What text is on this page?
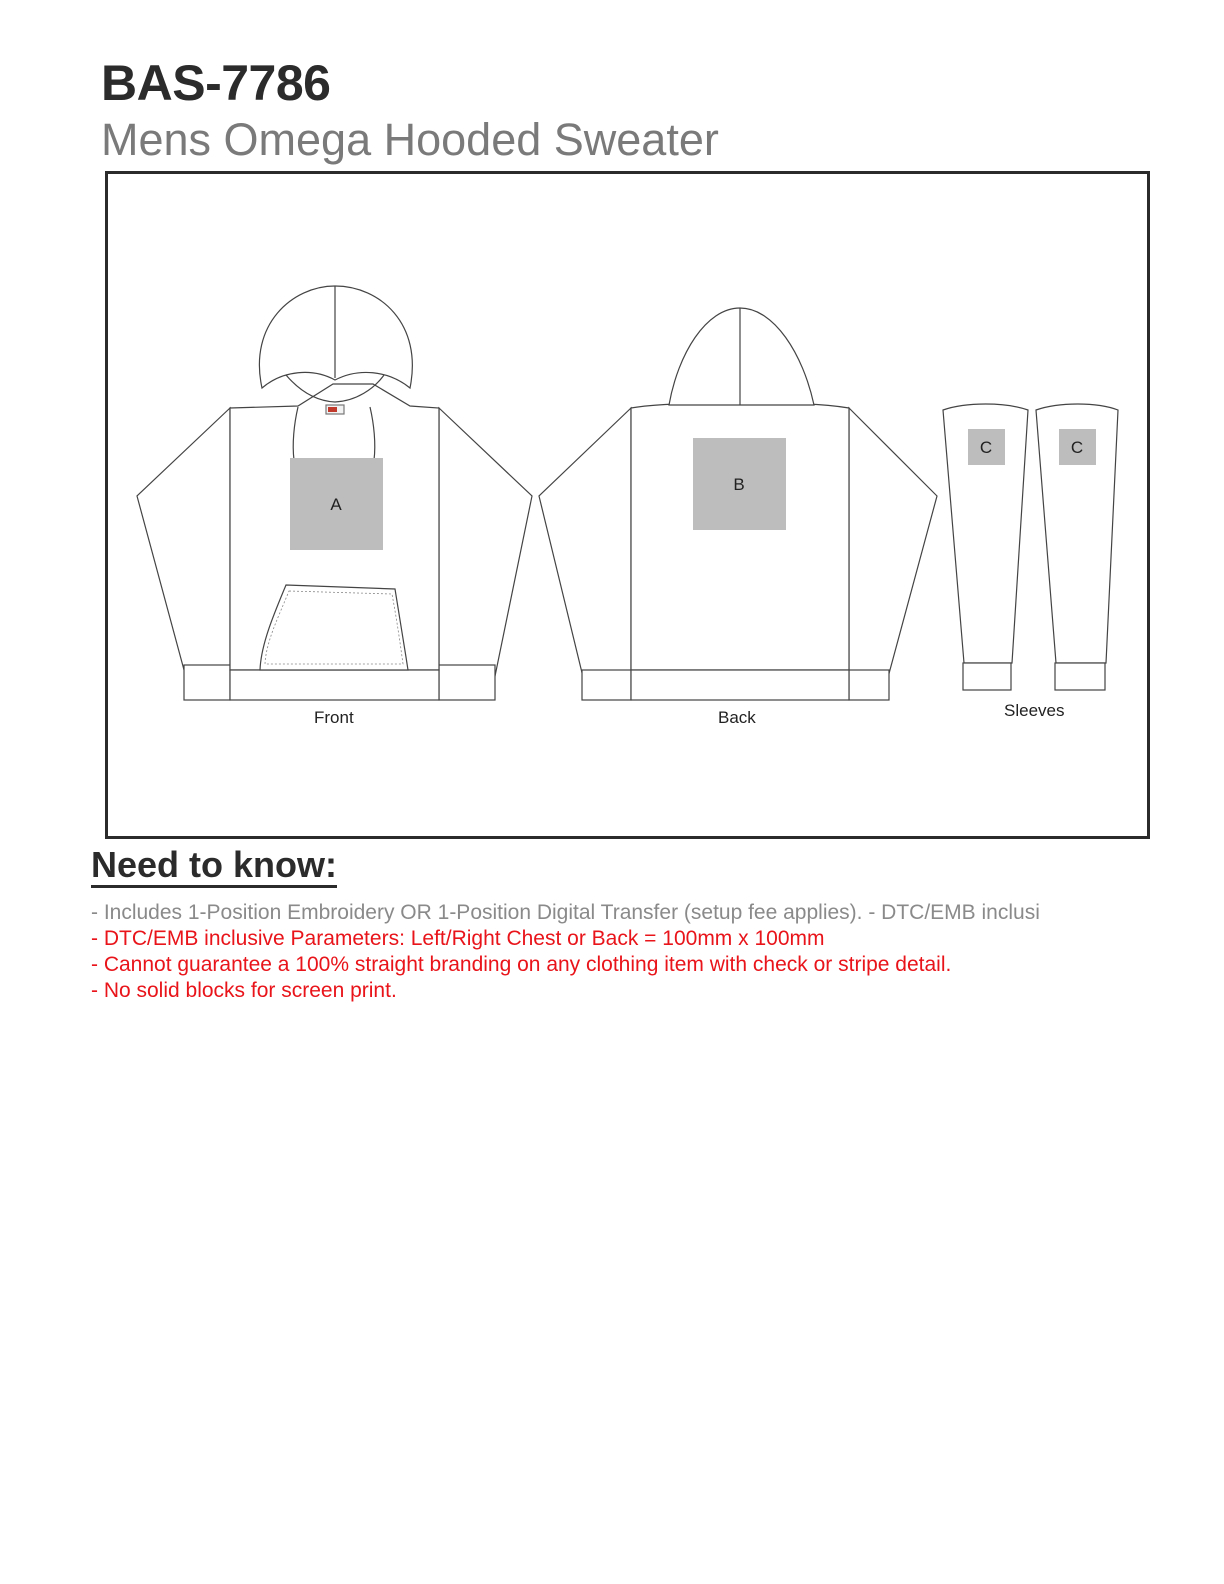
BAS-7786
Mens Omega Hooded Sweater
A
B
C	C
Front	Back	Sleeves
Need to know:
- Includes 1-Position Embroidery OR 1-Position Digital Transfer (setup fee applies). - DTC/EMB inclusi
- DTC/EMB inclusive Parameters: Left/Right Chest or Back = 100mm x 100mm
- Cannot guarantee a 100% straight branding on any clothing item with check or stripe detail.
- No solid blocks for screen print.
